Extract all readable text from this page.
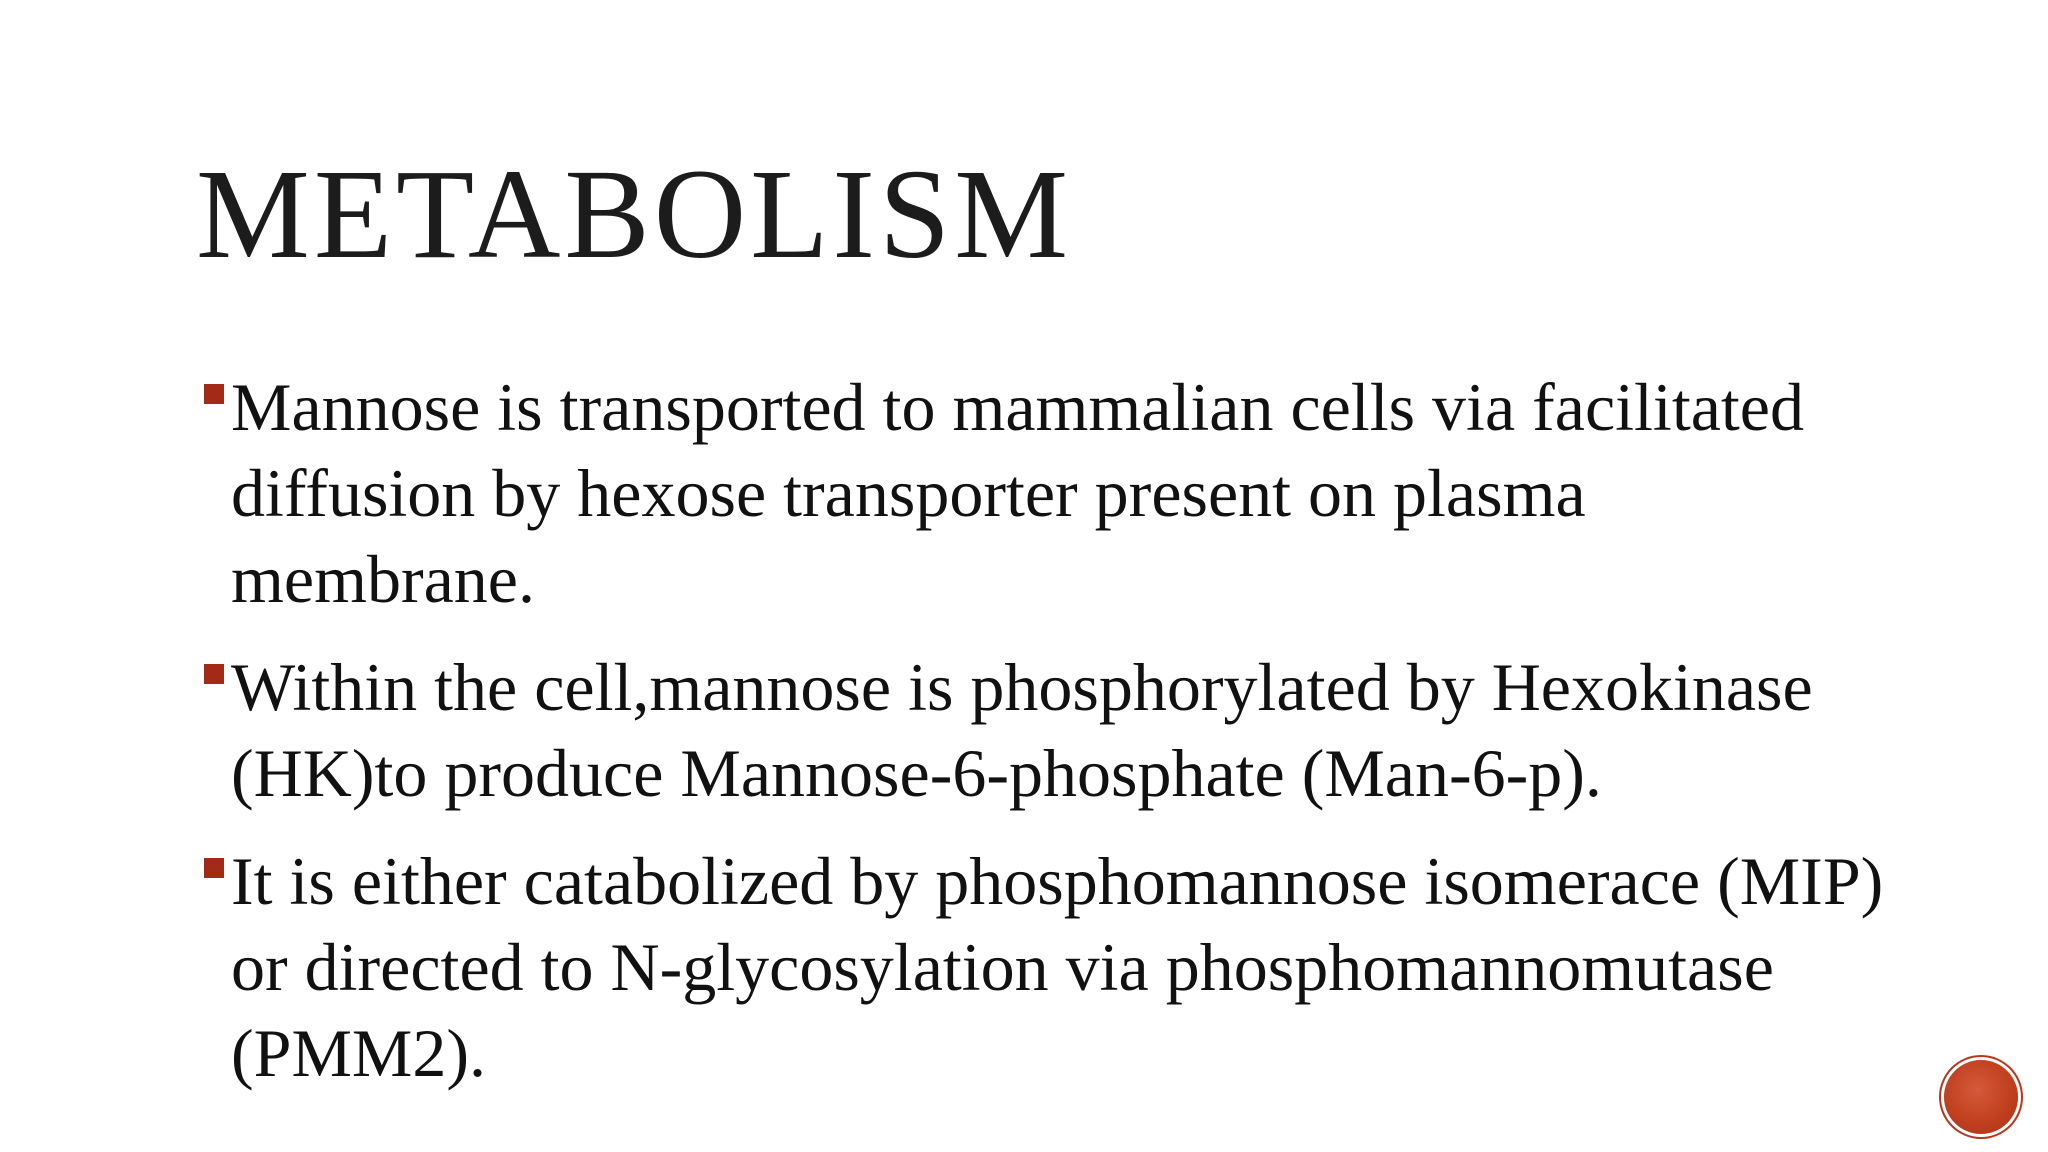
METABOLISM
Mannose is transported to mammalian cells via facilitated diffusion by hexose transporter present on plasma membrane.
Within the cell,mannose is phosphorylated by Hexokinase (HK)to produce Mannose-6-phosphate (Man-6-p).
It is either catabolized by phosphomannose isomerace (MIP) or directed to N-glycosylation via phosphomannomutase (PMM2).
